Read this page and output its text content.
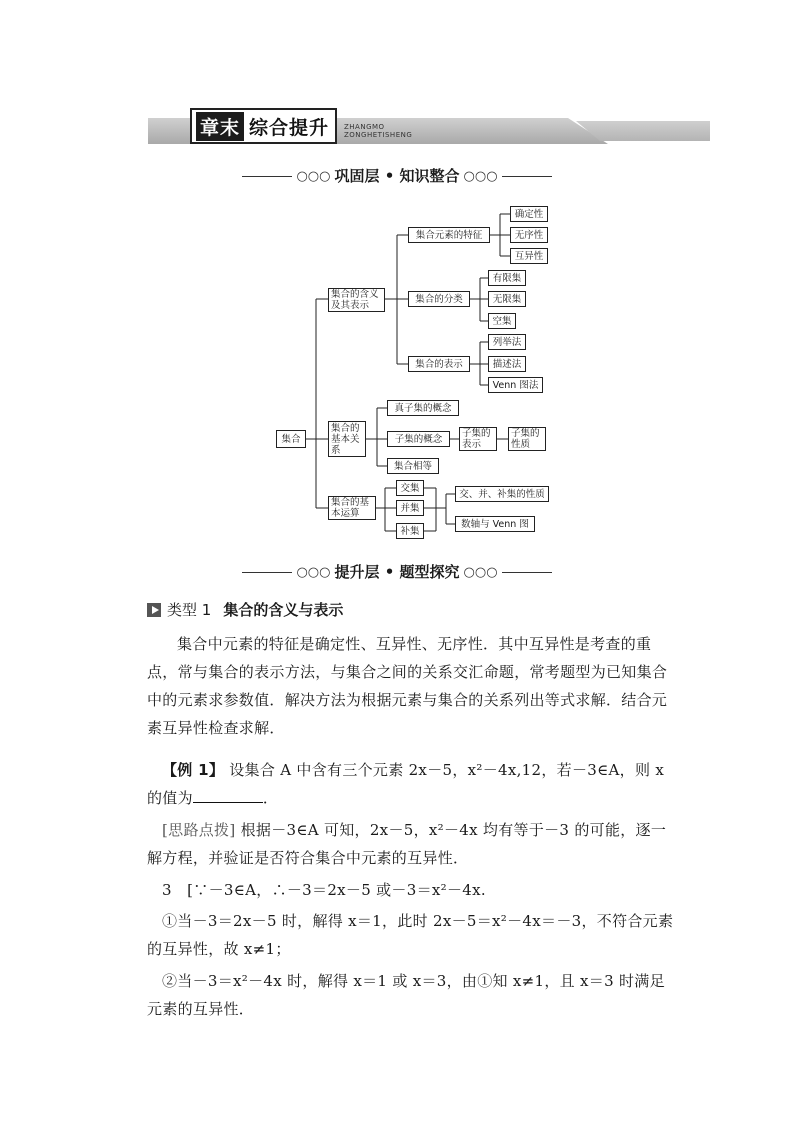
章末 综合提升 ZHANGMO
ZONGHETISHENG
○○○ 巩固层 • 知识整合 ○○○
集合
集合的含义
及其表示
集合元素的特征
确定性
无序性
互异性
集合的分类
有限集
无限集
空集
集合的表示
列举法
描述法
Venn 图法
集合的
基本关
系
真子集的概念
子集的概念	子集的
表示
子集的
性质
集合相等
集合的基
本运算
交集
并集
补集
交、并、补集的性质
数轴与 Venn 图
○○○ 提升层 • 题型探究 ○○○
类型 1 集合的含义与表示
集合中元素的特征是确定性、互异性、无序性．其中互异性是考查的重点，常与集合的表示方法，与集合之间的关系交汇命题，常考题型为已知集合中的元素求参数值．解决方法为根据元素与集合的关系列出等式求解．结合元素互异性检查求解．
【例 1】 设集合 A 中含有三个元素 2x－5，x²－4x,12，若－3∈A，则 x 的值为	．
[思路点拨] 根据－3∈A 可知，2x－5，x²－4x 均有等于－3 的可能，逐一解方程，并验证是否符合集合中元素的互异性．
3　[∵－3∈A，∴－3＝2x－5 或－3＝x²－4x.
①当－3＝2x－5 时，解得 x＝1，此时 2x－5＝x²－4x＝－3，不符合元素的互异性，故 x≠1；
②当－3＝x²－4x 时，解得 x＝1 或 x＝3，由①知 x≠1，且 x＝3 时满足元素的互异性．
